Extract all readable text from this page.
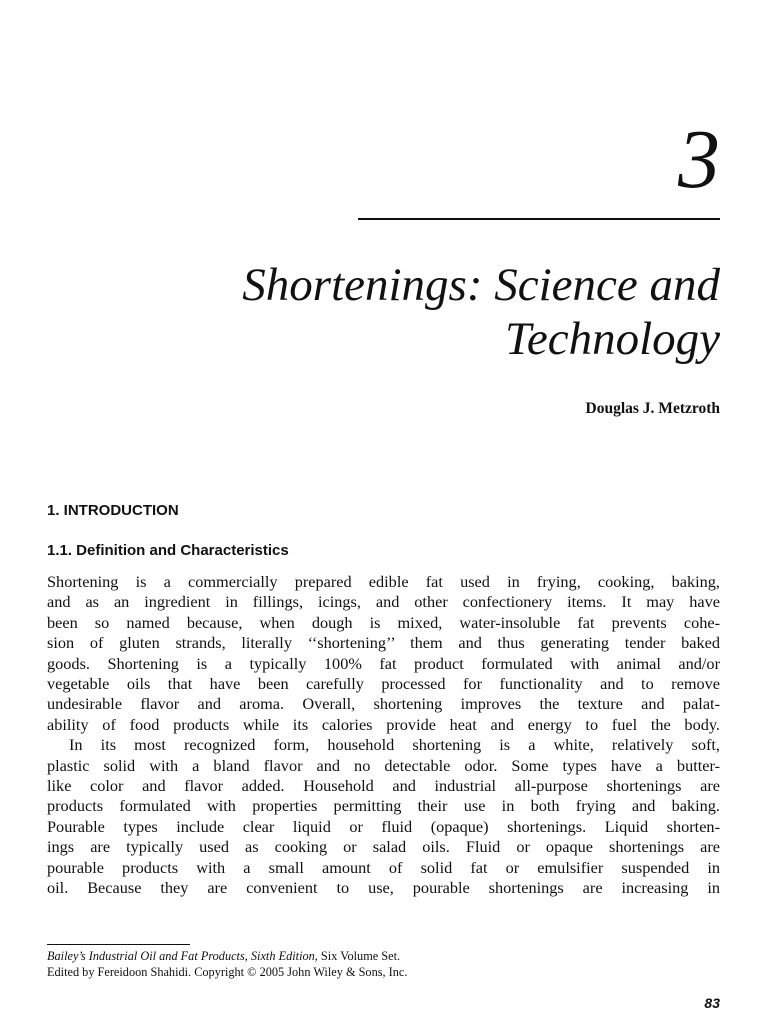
3
Shortenings: Science and
Technology
Douglas J. Metzroth
1. INTRODUCTION
1.1. Definition and Characteristics
Shortening is a commercially prepared edible fat used in frying, cooking, baking,
and as an ingredient in fillings, icings, and other confectionery items. It may have
been so named because, when dough is mixed, water-insoluble fat prevents cohe-
sion of gluten strands, literally ‘‘shortening’’ them and thus generating tender baked
goods. Shortening is a typically 100% fat product formulated with animal and/or
vegetable oils that have been carefully processed for functionality and to remove
undesirable flavor and aroma. Overall, shortening improves the texture and palat-
ability of food products while its calories provide heat and energy to fuel the body.
In its most recognized form, household shortening is a white, relatively soft,
plastic solid with a bland flavor and no detectable odor. Some types have a butter-
like color and flavor added. Household and industrial all-purpose shortenings are
products formulated with properties permitting their use in both frying and baking.
Pourable types include clear liquid or fluid (opaque) shortenings. Liquid shorten-
ings are typically used as cooking or salad oils. Fluid or opaque shortenings are
pourable products with a small amount of solid fat or emulsifier suspended in
oil. Because they are convenient to use, pourable shortenings are increasing in
Bailey’s Industrial Oil and Fat Products, Sixth Edition, Six Volume Set.
Edited by Fereidoon Shahidi. Copyright © 2005 John Wiley & Sons, Inc.
83
